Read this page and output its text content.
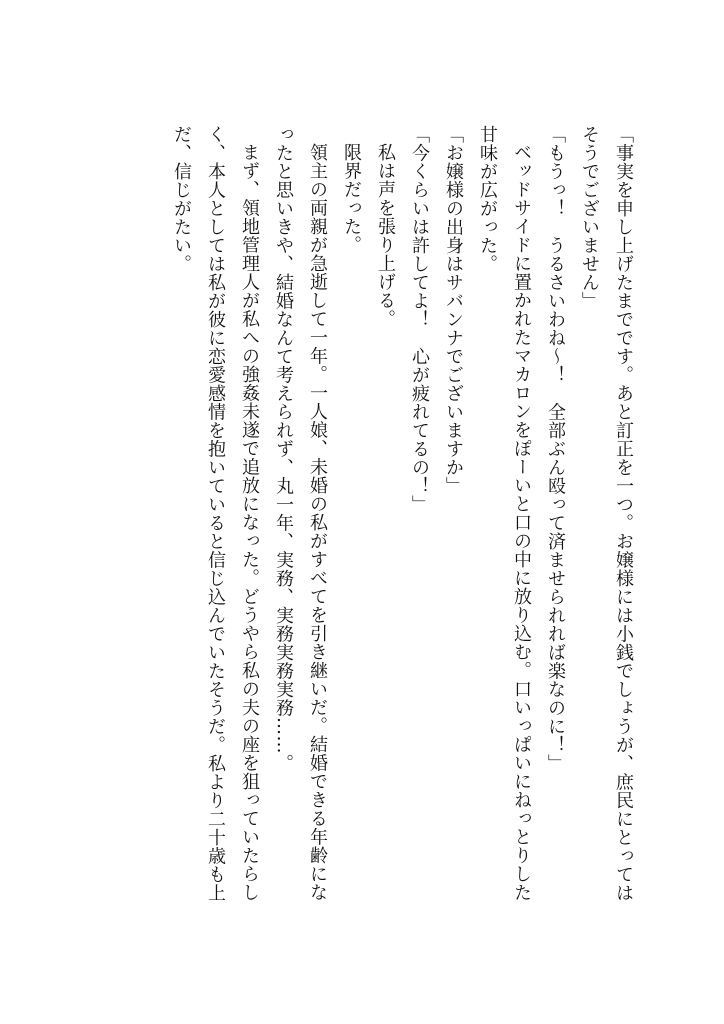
「事実を申し上げたまでです。あと訂正を一つ。お嬢様には小銭でしょうが、庶民にとってはそうでございません」

「もうっ！　うるさいわね～！　全部ぶん殴って済ませられれば楽なのに！」

ベッドサイドに置かれたマカロンをぽーいと口の中に放り込む。口いっぱいにねっとりした甘味が広がった。

「お嬢様の出身はサバンナでございますか」

「今くらいは許してよ！　心が疲れてるの！」

私は声を張り上げる。

限界だった。

領主の両親が急逝して一年。一人娘、未婚の私がすべてを引き継いだ。結婚できる年齢になったと思いきや、結婚なんて考えられず、丸一年、実務、実務実務実務……。

まず、領地管理人が私への強姦未遂で追放になった。どうやら私の夫の座を狙っていたらしく、本人としては私が彼に恋愛感情を抱いていると信じ込んでいたそうだ。私より二十歳も上だ、信じがたい。
